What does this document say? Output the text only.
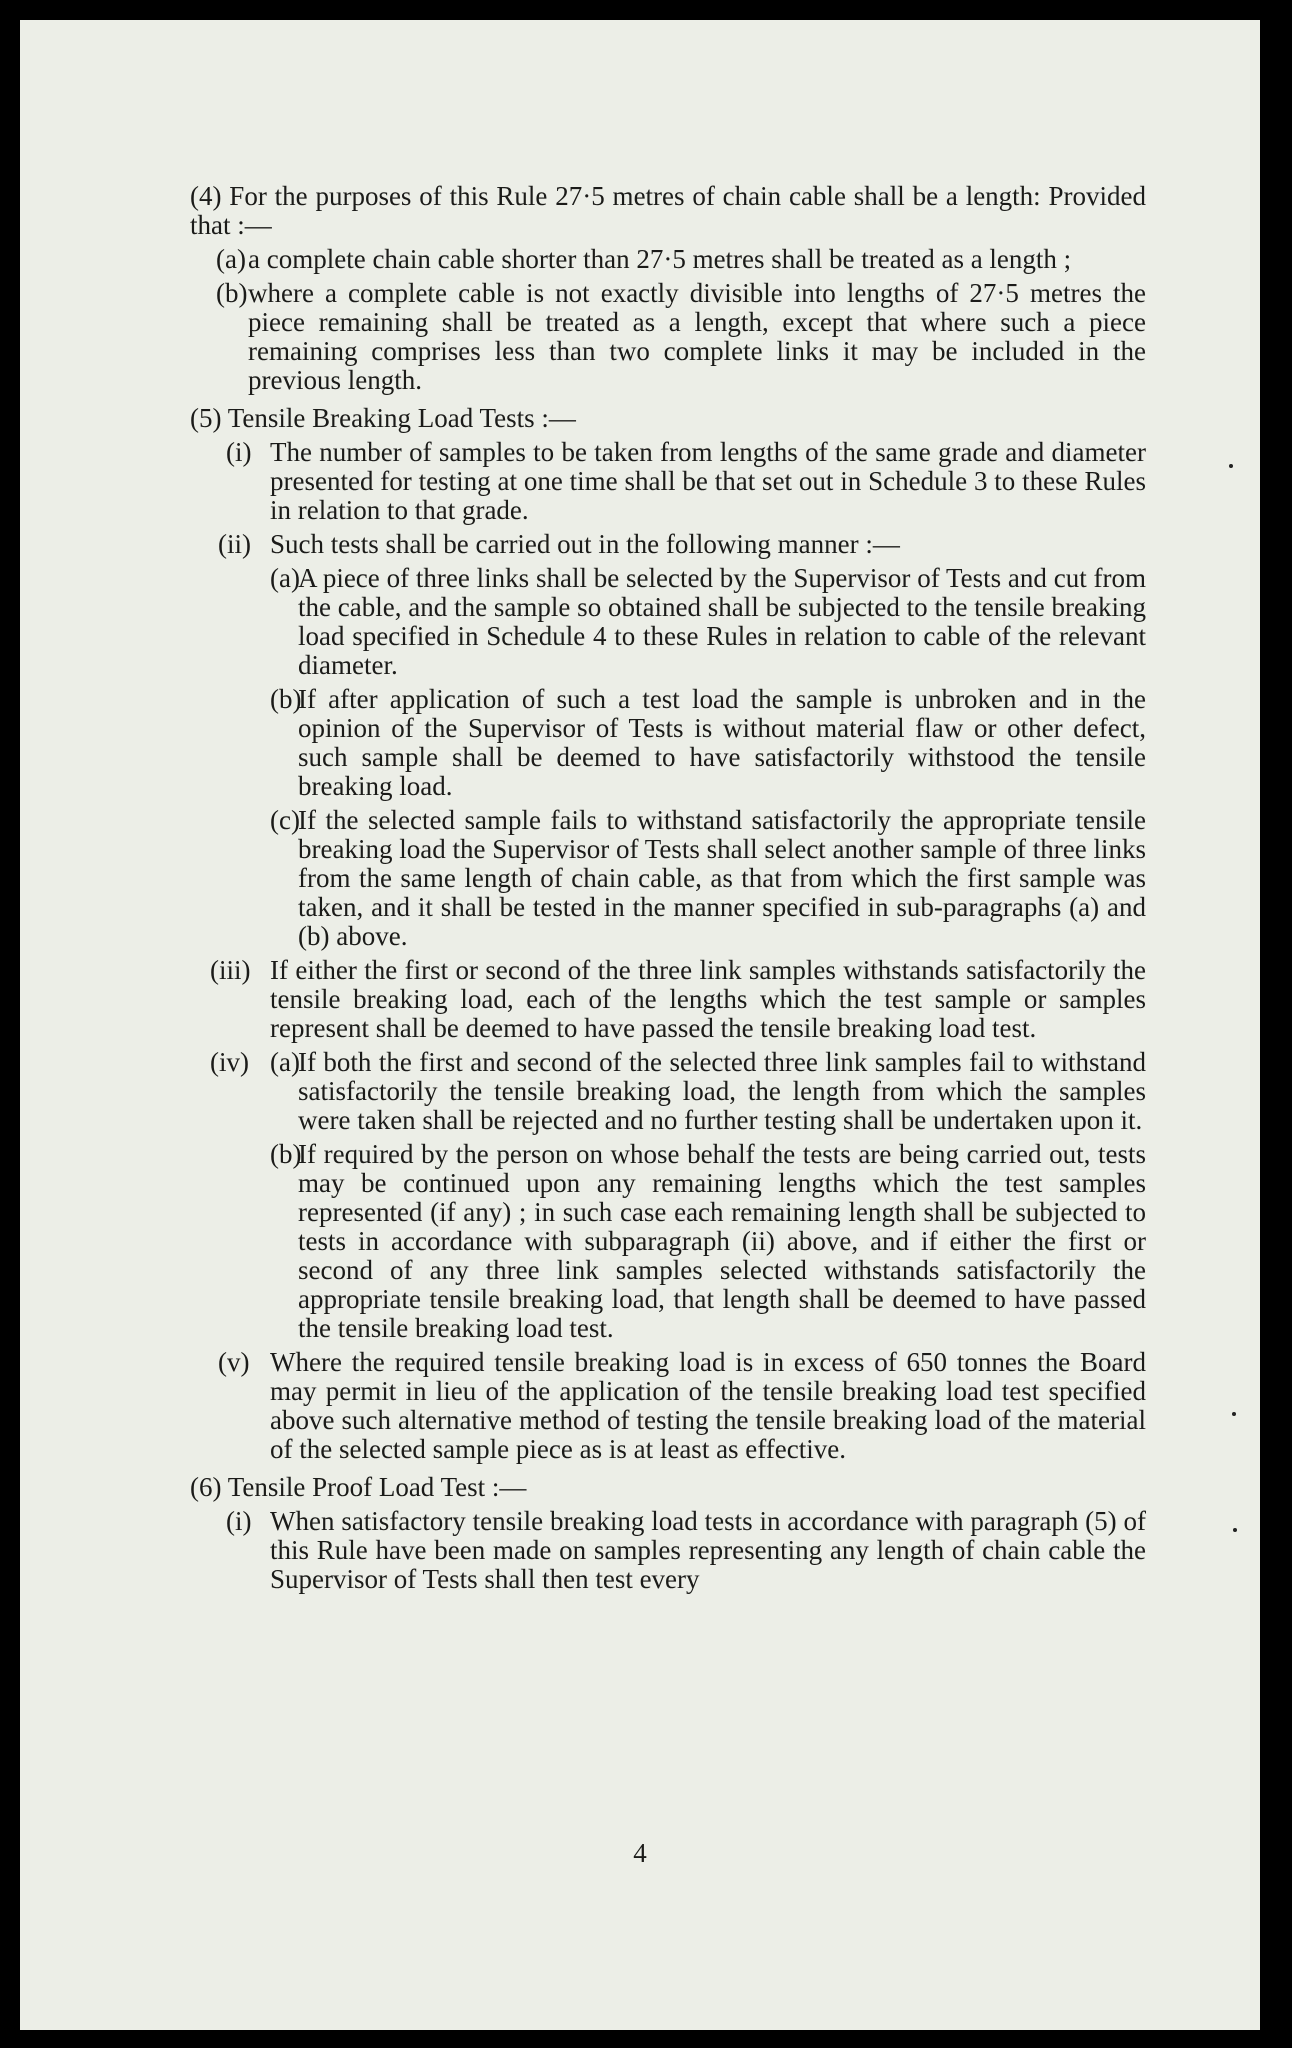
(4) For the purposes of this Rule 27·5 metres of chain cable shall be a length: Provided that :—
(a) a complete chain cable shorter than 27·5 metres shall be treated as a length ;
(b) where a complete cable is not exactly divisible into lengths of 27·5 metres the piece remaining shall be treated as a length, except that where such a piece remaining comprises less than two complete links it may be included in the previous length.
(5) Tensile Breaking Load Tests :—
(i) The number of samples to be taken from lengths of the same grade and diameter presented for testing at one time shall be that set out in Schedule 3 to these Rules in relation to that grade.
(ii) Such tests shall be carried out in the following manner :—
(a)
A piece of three links shall be selected by the Supervisor of Tests and cut from the cable, and the sample so obtained shall be subjected to the tensile breaking load specified in Schedule 4 to these Rules in relation to cable of the relevant diameter.
(b)
If after application of such a test load the sample is unbroken and in the opinion of the Supervisor of Tests is without material flaw or other defect, such sample shall be deemed to have satisfactorily withstood the tensile breaking load.
(c)
If the selected sample fails to withstand satisfactorily the appropriate tensile breaking load the Supervisor of Tests shall select another sample of three links from the same length of chain cable, as that from which the first sample was taken, and it shall be tested in the manner specified in sub-paragraphs (a) and (b) above.
(iii) If either the first or second of the three link samples withstands satisfactorily the tensile breaking load, each of the lengths which the test sample or samples represent shall be deemed to have passed the tensile breaking load test.
(iv) (a)
If both the first and second of the selected three link samples fail to withstand satisfactorily the tensile breaking load, the length from which the samples were taken shall be rejected and no further testing shall be undertaken upon it.
(b)
If required by the person on whose behalf the tests are being carried out, tests may be continued upon any remaining lengths which the test samples represented (if any) ; in such case each remaining length shall be subjected to tests in accordance with subparagraph (ii) above, and if either the first or second of any three link samples selected withstands satisfactorily the appropriate tensile breaking load, that length shall be deemed to have passed the tensile breaking load test.
(v) Where the required tensile breaking load is in excess of 650 tonnes the Board may permit in lieu of the application of the tensile breaking load test specified above such alternative method of testing the tensile breaking load of the material of the selected sample piece as is at least as effective.
(6) Tensile Proof Load Test :—
(i) When satisfactory tensile breaking load tests in accordance with paragraph (5) of this Rule have been made on samples representing any length of chain cable the Supervisor of Tests shall then test every
4
